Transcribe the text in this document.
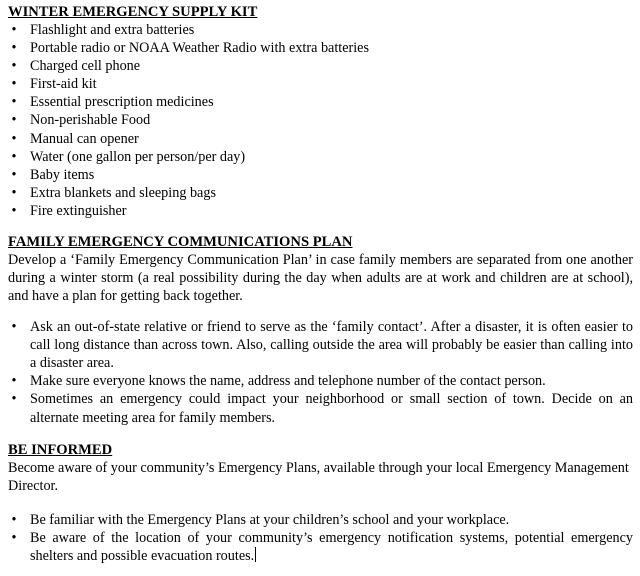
WINTER EMERGENCY SUPPLY KIT
• Flashlight and extra batteries
• Portable radio or NOAA Weather Radio with extra batteries
• Charged cell phone
• First-aid kit
• Essential prescription medicines
• Non-perishable Food
• Manual can opener
• Water (one gallon per person/per day)
• Baby items
• Extra blankets and sleeping bags
• Fire extinguisher
FAMILY EMERGENCY COMMUNICATIONS PLAN

Develop a ‘Family Emergency Communication Plan’ in case family members are separated from one another during a winter storm (a real possibility during the day when adults are at work and children are at school), and have a plan for getting back together.

• Ask an out-of-state relative or friend to serve as the ‘family contact’. After a disaster, it is often easier to call long distance than across town. Also, calling outside the area will probably be easier than calling into a disaster area.
• Make sure everyone knows the name, address and telephone number of the contact person.
• Sometimes an emergency could impact your neighborhood or small section of town. Decide on an alternate meeting area for family members.
BE INFORMED

Become aware of your community’s Emergency Plans, available through your local Emergency Management Director.

• Be familiar with the Emergency Plans at your children’s school and your workplace.
• Be aware of the location of your community’s emergency notification systems, potential emergency shelters and possible evacuation routes.
